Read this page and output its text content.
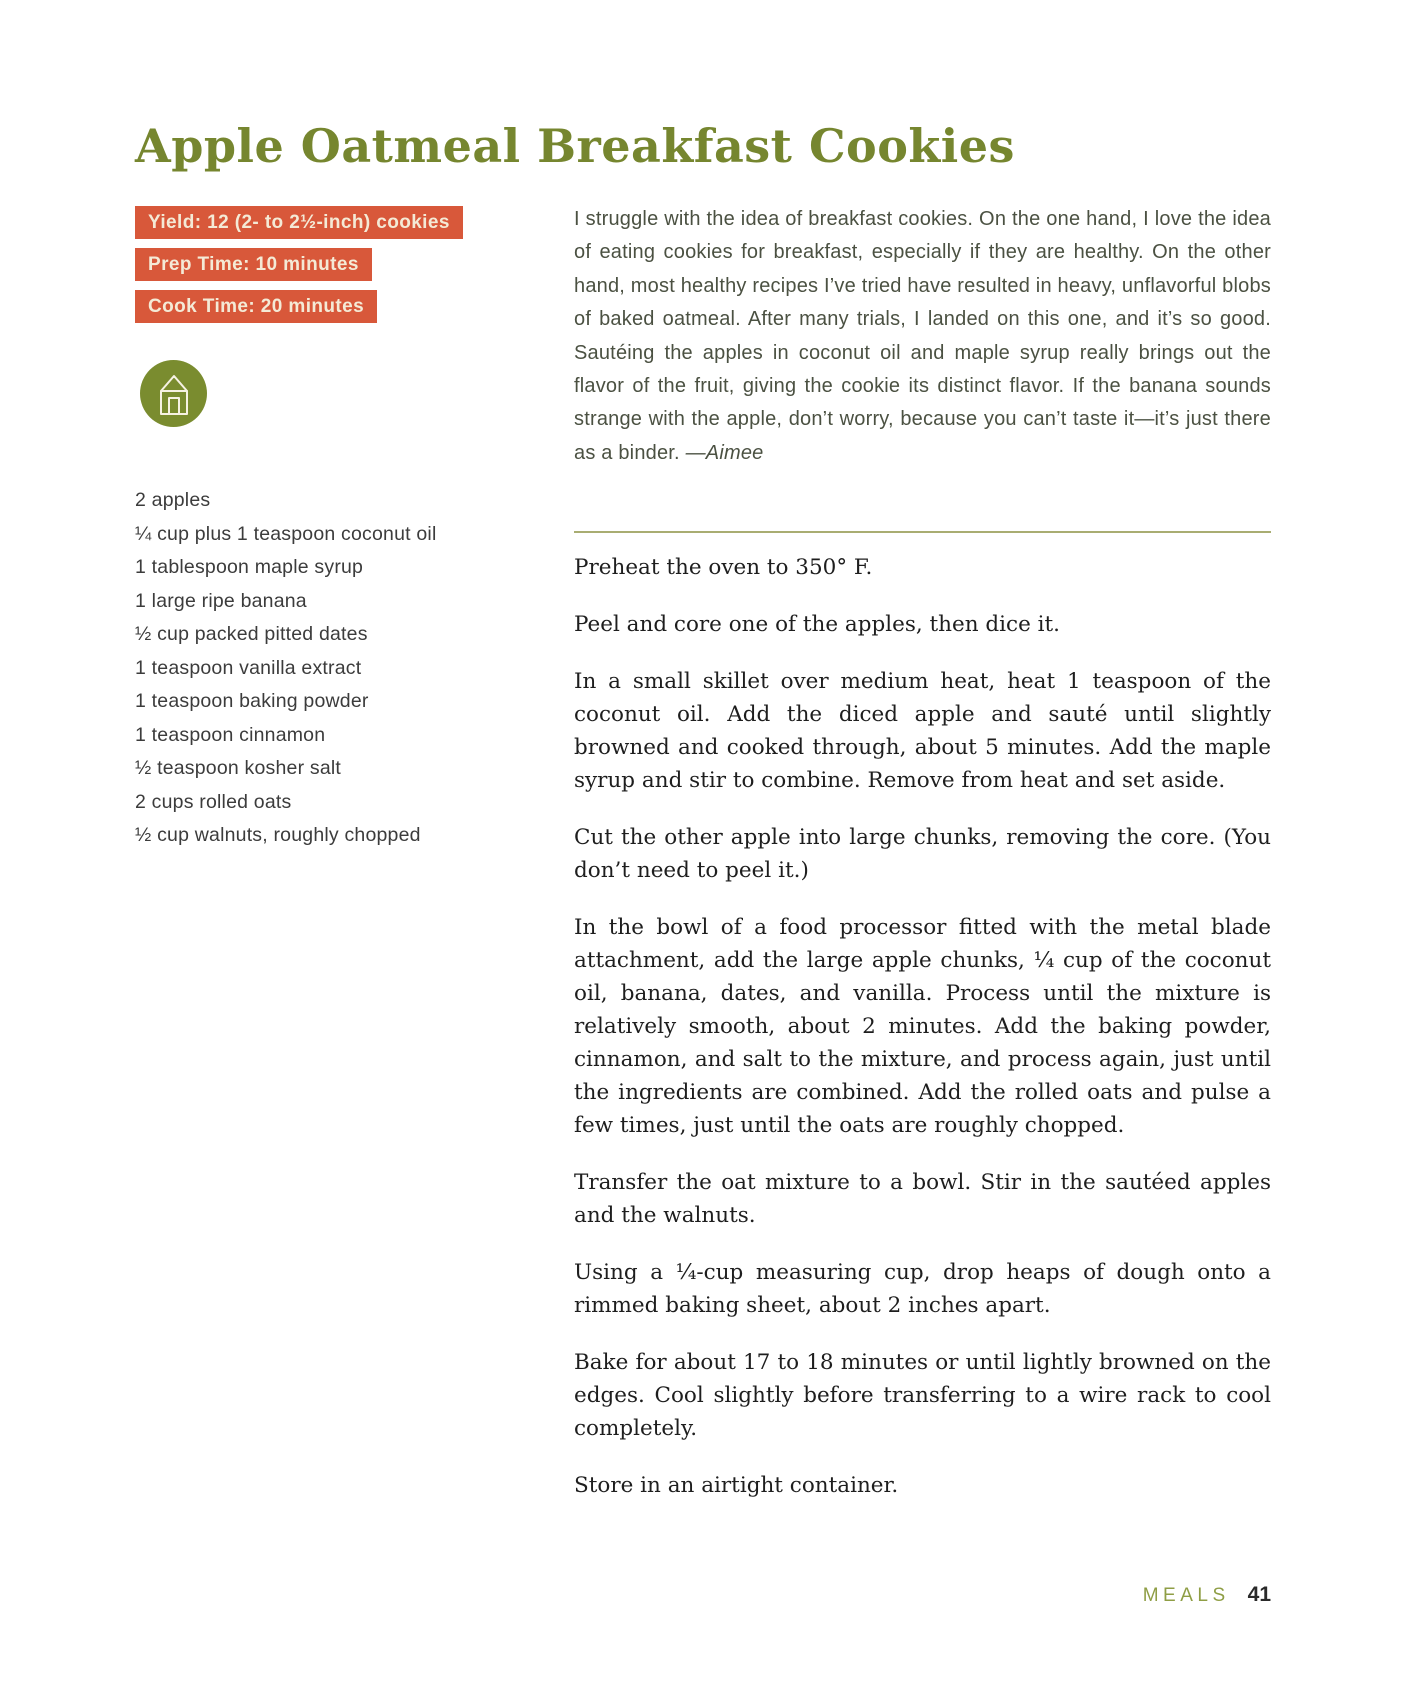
Apple Oatmeal Breakfast Cookies
Yield: 12 (2- to 2½-inch) cookies
Prep Time: 10 minutes
Cook Time: 20 minutes
2 apples
¼ cup plus 1 teaspoon coconut oil
1 tablespoon maple syrup
1 large ripe banana
½ cup packed pitted dates
1 teaspoon vanilla extract
1 teaspoon baking powder
1 teaspoon cinnamon
½ teaspoon kosher salt
2 cups rolled oats
½ cup walnuts, roughly chopped

I struggle with the idea of breakfast cookies. On the one hand, I love the idea of eating cookies for breakfast, especially if they are healthy. On the other hand, most healthy recipes I’ve tried have resulted in heavy, unflavorful blobs of baked oatmeal. After many trials, I landed on this one, and it’s so good. Sautéing the apples in coconut oil and maple syrup really brings out the flavor of the fruit, giving the cookie its distinct flavor. If the banana sounds strange with the apple, don’t worry, because you can’t taste it—it’s just there as a binder. —Aimee

Preheat the oven to 350° F.

Peel and core one of the apples, then dice it.

In a small skillet over medium heat, heat 1 teaspoon of the coconut oil. Add the diced apple and sauté until slightly browned and cooked through, about 5 minutes. Add the maple syrup and stir to combine. Remove from heat and set aside.

Cut the other apple into large chunks, removing the core. (You don’t need to peel it.)

In the bowl of a food processor fitted with the metal blade attachment, add the large apple chunks, ¼ cup of the coconut oil, banana, dates, and vanilla. Process until the mixture is relatively smooth, about 2 minutes. Add the baking powder, cinnamon, and salt to the mixture, and process again, just until the ingredients are combined. Add the rolled oats and pulse a few times, just until the oats are roughly chopped.

Transfer the oat mixture to a bowl. Stir in the sautéed apples and the walnuts.

Using a ¼-cup measuring cup, drop heaps of dough onto a rimmed baking sheet, about 2 inches apart.

Bake for about 17 to 18 minutes or until lightly browned on the edges. Cool slightly before transferring to a wire rack to cool completely.

Store in an airtight container.

MEALS 41
